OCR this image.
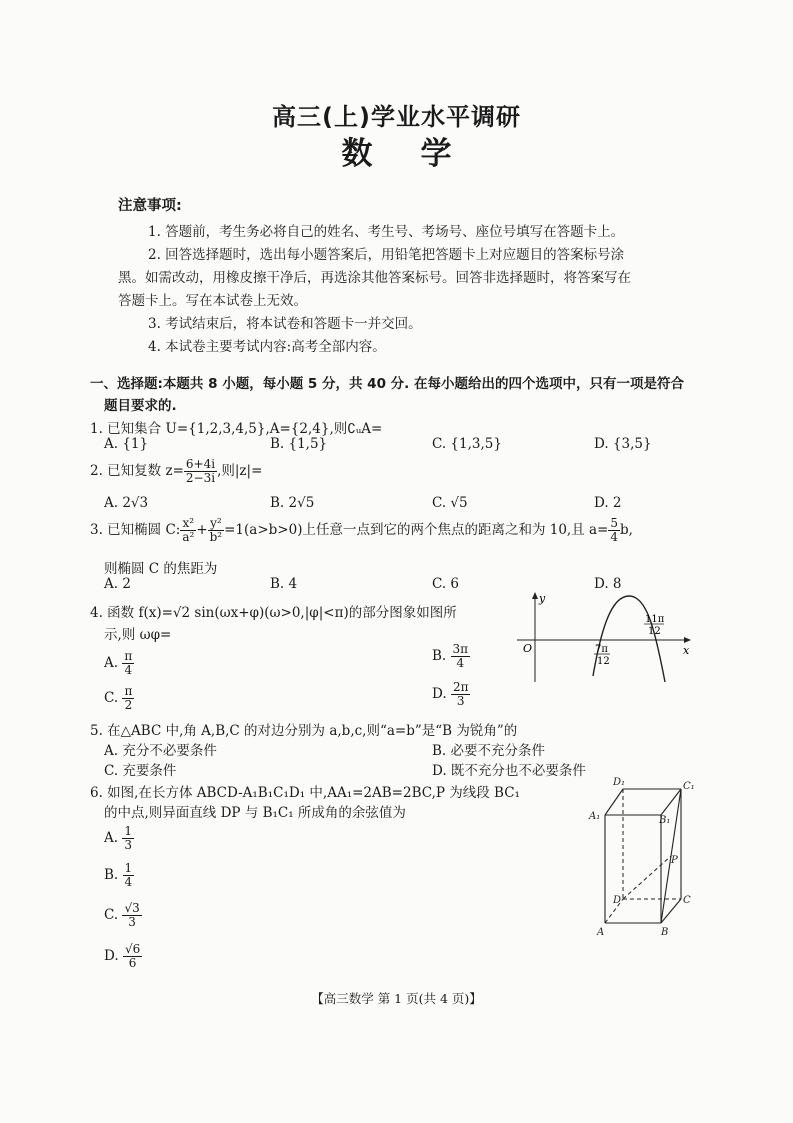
高三(上)学业水平调研
数学
注意事项:
1. 答题前，考生务必将自己的姓名、考生号、考场号、座位号填写在答题卡上。
2. 回答选择题时，选出每小题答案后，用铅笔把答题卡上对应题目的答案标号涂
黑。如需改动，用橡皮擦干净后，再选涂其他答案标号。回答非选择题时，将答案写在
答题卡上。写在本试卷上无效。
3. 考试结束后，将本试卷和答题卡一并交回。
4. 本试卷主要考试内容:高考全部内容。
一、选择题:本题共 8 小题，每小题 5 分，共 40 分. 在每小题给出的四个选项中，只有一项是符合
题目要求的.
1. 已知集合 U={1,2,3,4,5},A={2,4},则∁ᵤA=
A. {1}	B. {1,5}	C. {1,3,5}	D. {3,5}
2. 已知复数 $z= \frac{6+4i}{2-3i}$ ,则|z|=
A. 2√3	B. 2√5	C. √5	D. 2
3. 已知椭圆 C: $\frac{\text{x²}}{\text{a²}} + \frac{\text{y²}}{\text{b²}} =1(a>b>0)$上任意一点到它的两个焦点的距离之和为 10,且 $a= \frac{5}{4} b$,
则椭圆 C 的焦距为
A. 2	B. 4	C. 6	D. 8
4. 函数 f(x)=√2 sin(ωx+φ)(ω>0,|φ|<π)的部分图象如图所
示,则 ωφ=
A. $\frac{\pi}{4}$	B. $\frac{3\pi}{4}$
C. $\frac{\pi}{2}$	D. $\frac{2\pi}{3}$
y
x
O	7π
12
11π
12
5. 在△ABC 中,角 A,B,C 的对边分别为 a,b,c,则“a=b”是“B 为锐角”的
A. 充分不必要条件	B. 必要不充分条件
C. 充要条件	D. 既不充分也不必要条件
6. 如图,在长方体 ABCD-A₁B₁C₁D₁ 中,AA₁=2AB=2BC,P 为线段 BC₁
的中点,则异面直线 DP 与 B₁C₁ 所成角的余弦值为
A. $\frac{1}{3}$
B. $\frac{1}{4}$
C. $\frac{√3}{3}$
D. $\frac{√6}{6}$
D₁	C₁
A₁	B₁
P
D	C
A	B
【高三数学 第 1 页(共 4 页)】
